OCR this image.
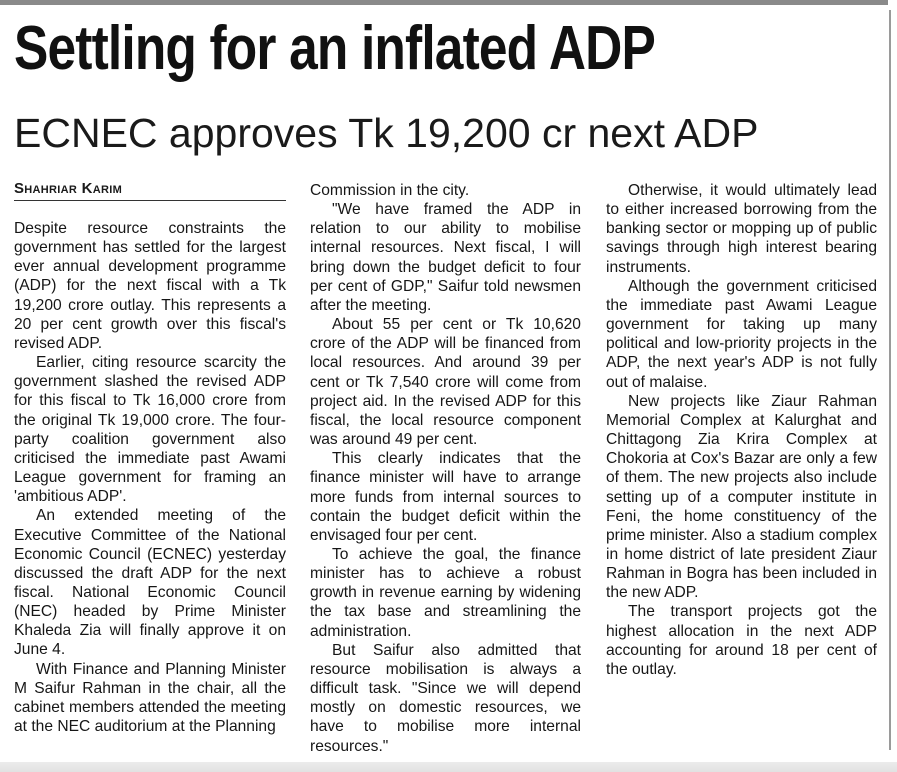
Settling for an inflated ADP
ECNEC approves Tk 19,200 cr next ADP
Shahriar Karim

Despite resource constraints the government has settled for the largest ever annual development programme (ADP) for the next fiscal with a Tk 19,200 crore outlay. This represents a 20 per cent growth over this fiscal's revised ADP.

Earlier, citing resource scarcity the government slashed the revised ADP for this fiscal to Tk 16,000 crore from the original Tk 19,000 crore. The four-party coalition government also criticised the immediate past Awami League government for framing an 'ambitious ADP'.

An extended meeting of the Executive Committee of the National Economic Council (ECNEC) yesterday discussed the draft ADP for the next fiscal. National Economic Council (NEC) headed by Prime Minister Khaleda Zia will finally approve it on June 4.

With Finance and Planning Minister M Saifur Rahman in the chair, all the cabinet members attended the meeting at the NEC auditorium at the Planning

Commission in the city.

"We have framed the ADP in relation to our ability to mobilise internal resources. Next fiscal, I will bring down the budget deficit to four per cent of GDP," Saifur told newsmen after the meeting.

About 55 per cent or Tk 10,620 crore of the ADP will be financed from local resources. And around 39 per cent or Tk 7,540 crore will come from project aid. In the revised ADP for this fiscal, the local resource component was around 49 per cent.

This clearly indicates that the finance minister will have to arrange more funds from internal sources to contain the budget deficit within the envisaged four per cent.

To achieve the goal, the finance minister has to achieve a robust growth in revenue earning by widening the tax base and streamlining the administration.

But Saifur also admitted that resource mobilisation is always a difficult task. "Since we will depend mostly on domestic resources, we have to mobilise more internal resources."

Otherwise, it would ultimately lead to either increased borrowing from the banking sector or mopping up of public savings through high interest bearing instruments.

Although the government criticised the immediate past Awami League government for taking up many political and low-priority projects in the ADP, the next year's ADP is not fully out of malaise.

New projects like Ziaur Rahman Memorial Complex at Kalurghat and Chittagong Zia Krira Complex at Chokoria at Cox's Bazar are only a few of them. The new projects also include setting up of a computer institute in Feni, the home constituency of the prime minister. Also a stadium complex in home district of late president Ziaur Rahman in Bogra has been included in the new ADP.

The transport projects got the highest allocation in the next ADP accounting for around 18 per cent of the outlay.
